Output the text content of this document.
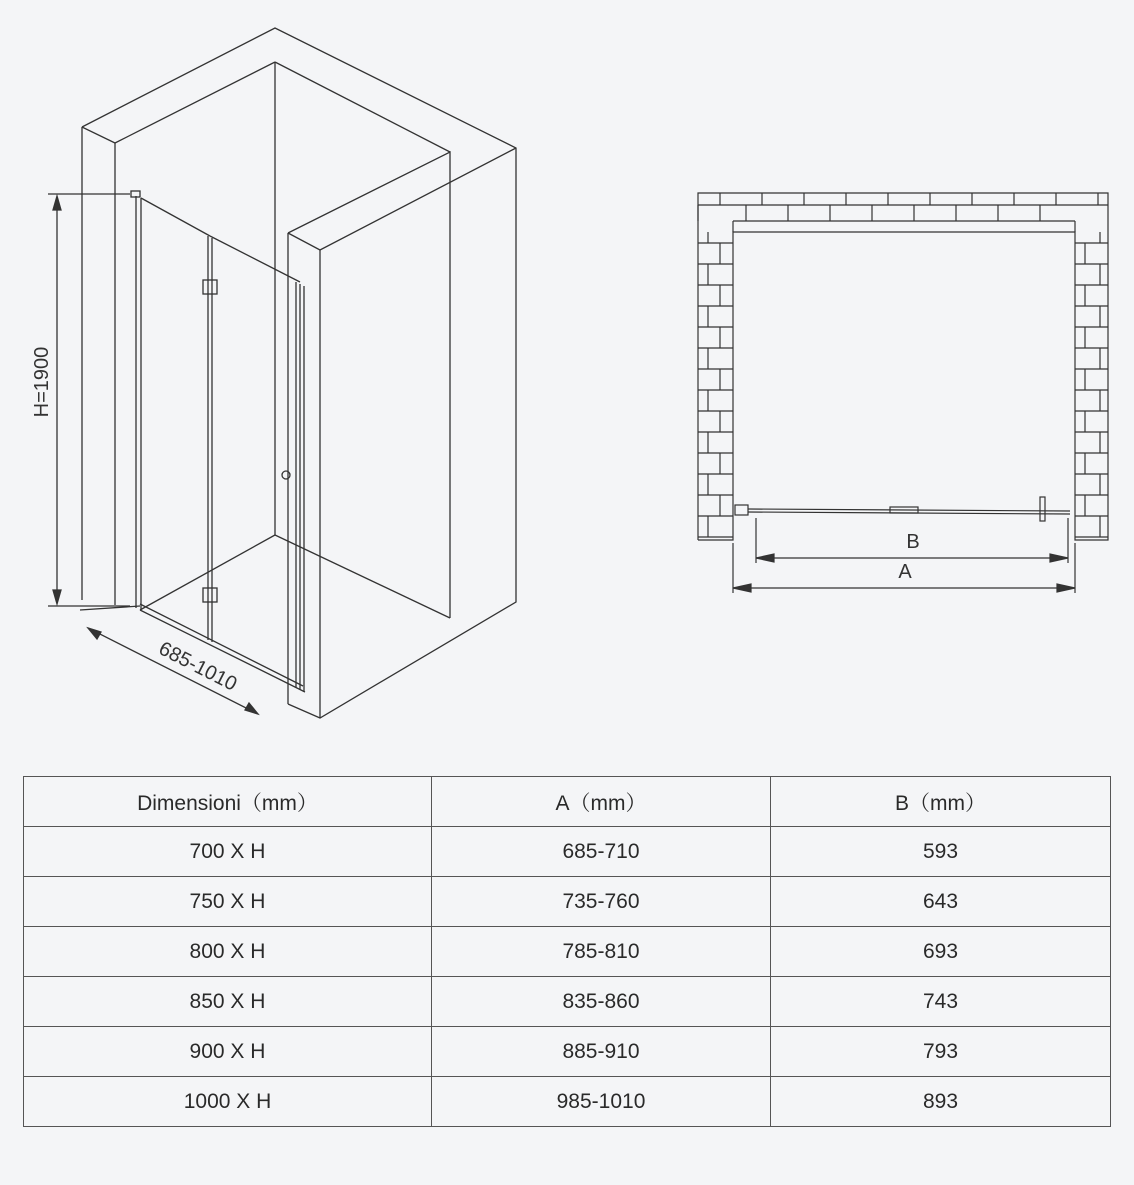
H=1900
685-1010
B
A
Dimensioni（mm）	A（mm）	B（mm）
700 X H	685-710	593
750 X H	735-760	643
800 X H	785-810	693
850 X H	835-860	743
900 X H	885-910	793
1000 X H	985-1010	893
